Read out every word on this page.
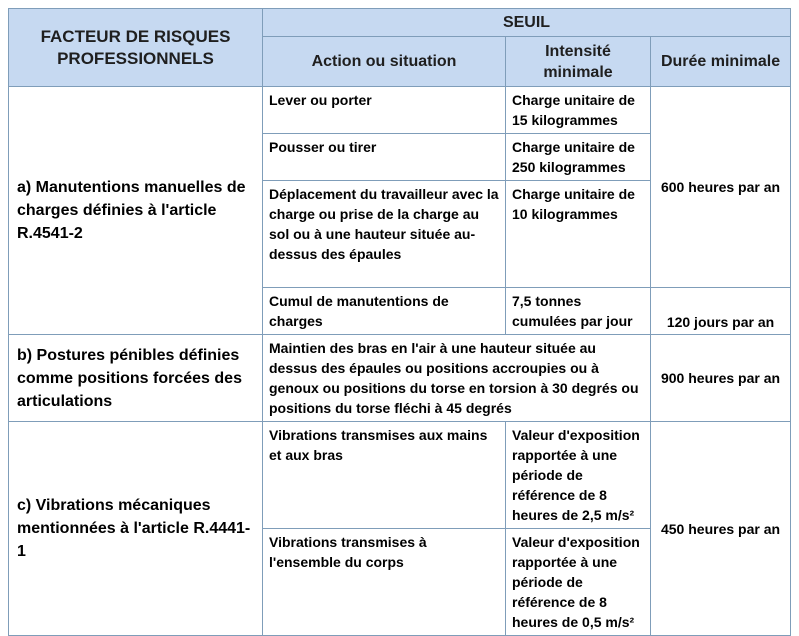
FACTEUR DE RISQUES PROFESSIONNELS	SEUIL		
	Action ou situation	Intensité minimale	Durée minimale
a) Manutentions manuelles de charges définies à l'article R.4541-2	Lever ou porter	Charge unitaire de 15 kilogrammes	600 heures par an
	Pousser ou tirer	Charge unitaire de 250 kilogrammes	
	Déplacement du travailleur avec la charge ou prise de la charge au sol ou à une hauteur située au-dessus des épaules	Charge unitaire de 10 kilogrammes	
	Cumul de manutentions de charges	7,5 tonnes cumulées par jour	120 jours par an
b) Postures pénibles définies comme positions forcées des articulations	Maintien des bras en l'air à une hauteur située au dessus des épaules ou positions accroupies ou à genoux ou positions du torse en torsion à 30 degrés ou positions du torse fléchi à 45 degrés		900 heures par an
c) Vibrations mécaniques mentionnées à l'article R.4441-1	Vibrations transmises aux mains et aux bras	Valeur d'exposition rapportée à une période de référence de 8 heures de 2,5 m/s²	450 heures par an
	Vibrations transmises à l'ensemble du corps	Valeur d'exposition rapportée à une période de référence de 8 heures de 0,5 m/s²	
